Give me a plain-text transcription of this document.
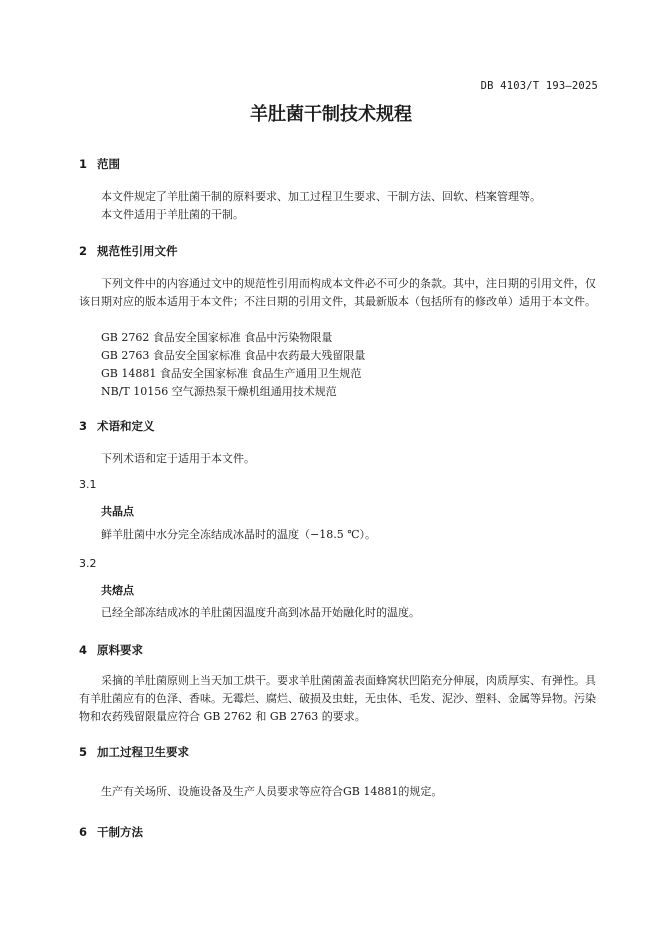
DB 4103/T 193—2025
羊肚菌干制技术规程
1 范围
本文件规定了羊肚菌干制的原料要求、加工过程卫生要求、干制方法、回软、档案管理等。
本文件适用于羊肚菌的干制。
2 规范性引用文件
下列文件中的内容通过文中的规范性引用而构成本文件必不可少的条款。其中，注日期的引用文件，仅该日期对应的版本适用于本文件；不注日期的引用文件，其最新版本（包括所有的修改单）适用于本文件。
GB 2762 食品安全国家标准 食品中污染物限量
GB 2763 食品安全国家标准 食品中农药最大残留限量
GB 14881 食品安全国家标准 食品生产通用卫生规范
NB/T 10156 空气源热泵干燥机组通用技术规范
3 术语和定义
下列术语和定于适用于本文件。
3.1
共晶点
鲜羊肚菌中水分完全冻结成冰晶时的温度（−18.5 ℃）。
3.2
共熔点
已经全部冻结成冰的羊肚菌因温度升高到冰晶开始融化时的温度。
4 原料要求
采摘的羊肚菌原则上当天加工烘干。要求羊肚菌菌盖表面蜂窝状凹陷充分伸展，肉质厚实、有弹性。具有羊肚菌应有的色泽、香味。无霉烂、腐烂、破损及虫蛀，无虫体、毛发、泥沙、塑料、金属等异物。污染物和农药残留限量应符合 GB 2762 和 GB 2763 的要求。
5 加工过程卫生要求
生产有关场所、设施设备及生产人员要求等应符合GB 14881的规定。
6 干制方法
